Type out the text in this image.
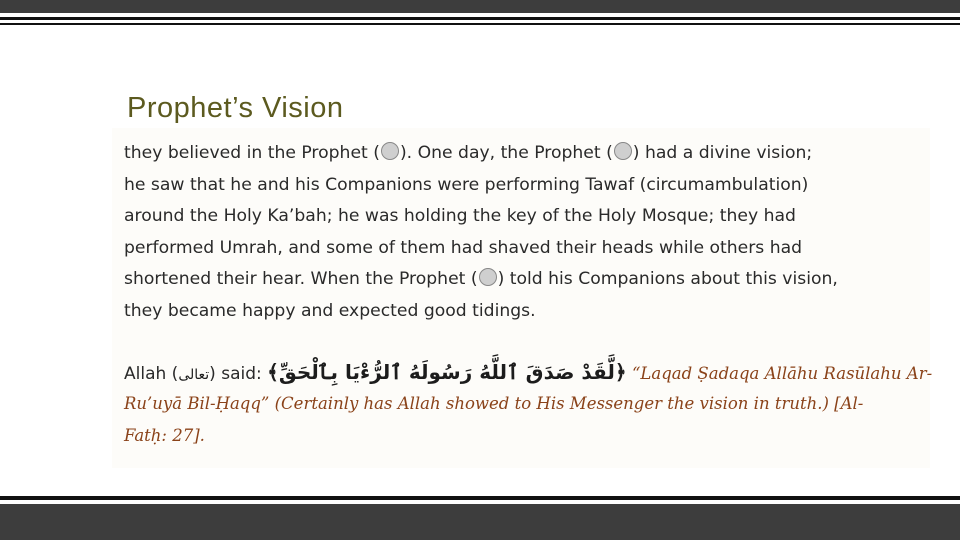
Prophet’s Vision
they believed in the Prophet ( ). One day, the Prophet ( ) had a divine vision;
he saw that he and his Companions were performing Tawaf (circumambulation)
around the Holy Ka’bah; he was holding the key of the Holy Mosque; they had
performed Umrah, and some of them had shaved their heads while others had
shortened their hear. When the Prophet ( ) told his Companions about this vision,
they became happy and expected good tidings.
Allah (تعالى) said: ﴿لَّقَدْ صَدَقَ ٱللَّهُ رَسُولَهُ ٱلرُّءْيَا بِٱلْحَقِّ﴾ “Laqad Ṣadaqa Allāhu Rasūlahu Ar-
Ru’uyā Bil-Ḥaqq” (Certainly has Allah showed to His Messenger the vision in truth.) [Al-
Fatḥ: 27].
